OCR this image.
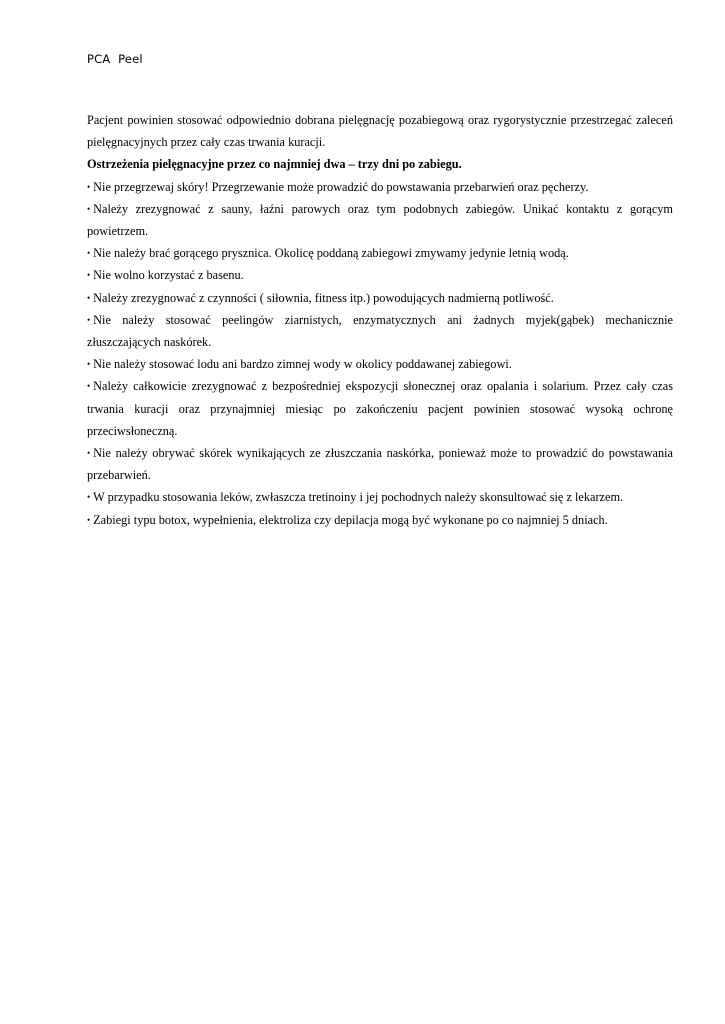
PCA  Peel

Pacjent powinien stosować odpowiednio dobrana pielęgnację pozabiegową oraz rygorystycznie przestrzegać zaleceń pielęgnacyjnych przez cały czas trwania kuracji.

Ostrzeżenia pielęgnacyjne przez co najmniej dwa – trzy dni po zabiegu.

• Nie przegrzewaj skóry! Przegrzewanie może prowadzić do powstawania przebarwień oraz pęcherzy.

• Należy zrezygnować z sauny, łaźni parowych oraz tym podobnych zabiegów. Unikać kontaktu z gorącym powietrzem.

• Nie należy brać gorącego prysznica. Okolicę poddaną zabiegowi zmywamy jedynie letnią wodą.

• Nie wolno korzystać z basenu.

• Należy zrezygnować z czynności ( siłownia, fitness itp.) powodujących nadmierną potliwość.

• Nie należy stosować peelingów ziarnistych, enzymatycznych ani żadnych myjek(gąbek) mechanicznie złuszczających naskórek.

• Nie należy stosować lodu ani bardzo zimnej wody w okolicy poddawanej zabiegowi.

• Należy całkowicie zrezygnować z bezpośredniej ekspozycji słonecznej oraz opalania i solarium. Przez cały czas trwania kuracji oraz przynajmniej miesiąc po zakończeniu pacjent powinien stosować wysoką ochronę przeciwsłoneczną.

• Nie należy obrywać skórek wynikających ze złuszczania naskórka, ponieważ może to prowadzić do powstawania przebarwień.

• W przypadku stosowania leków, zwłaszcza tretinoiny i jej pochodnych należy skonsultować się z lekarzem.

• Zabiegi typu botox, wypełnienia, elektroliza czy depilacja mogą być wykonane po co najmniej 5 dniach.
